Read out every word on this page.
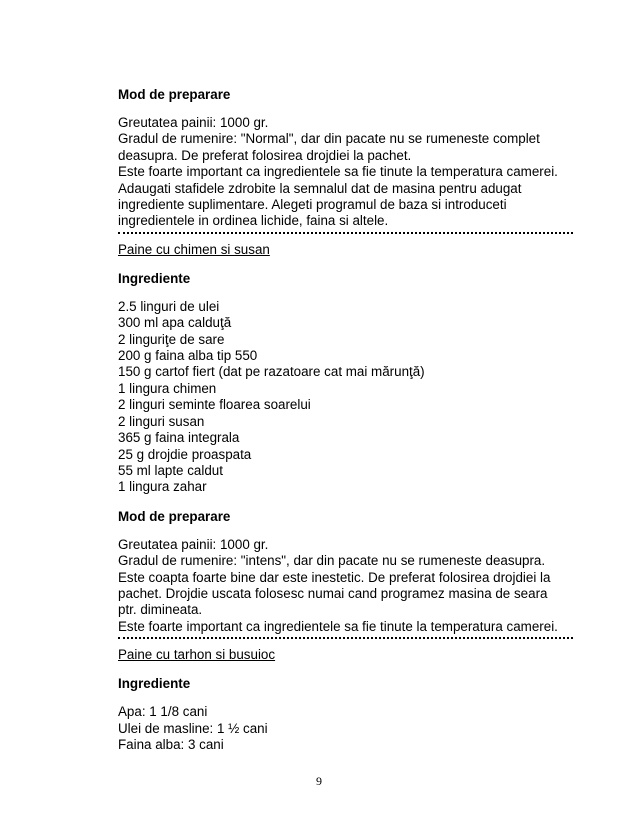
Mod de preparare
Greutatea painii: 1000 gr.
Gradul de rumenire: "Normal", dar din pacate nu se rumeneste complet
deasupra. De preferat folosirea drojdiei la pachet.
Este foarte important ca ingredientele sa fie tinute la temperatura camerei.
Adaugati stafidele zdrobite la semnalul dat de masina pentru adugat
ingrediente suplimentare. Alegeti programul de baza si introduceti
ingredientele in ordinea lichide, faina si altele.
Paine cu chimen si susan
Ingrediente
2.5 linguri de ulei
300 ml apa calduţă
2 linguriţe de sare
200 g faina alba tip 550
150 g cartof fiert (dat pe razatoare cat mai mărunţă)
1 lingura chimen
2 linguri seminte floarea soarelui
2 linguri susan
365 g faina integrala
25 g drojdie proaspata
55 ml lapte caldut
1 lingura zahar
Mod de preparare
Greutatea painii: 1000 gr.
Gradul de rumenire: "intens", dar din pacate nu se rumeneste deasupra.
Este coapta foarte bine dar este inestetic. De preferat folosirea drojdiei la
pachet. Drojdie uscata folosesc numai cand programez masina de seara
ptr. dimineata.
Este foarte important ca ingredientele sa fie tinute la temperatura camerei.
Paine cu tarhon si busuioc
Ingrediente
Apa: 1 1/8 cani
Ulei de masline: 1 ½ cani
Faina alba: 3 cani
9
